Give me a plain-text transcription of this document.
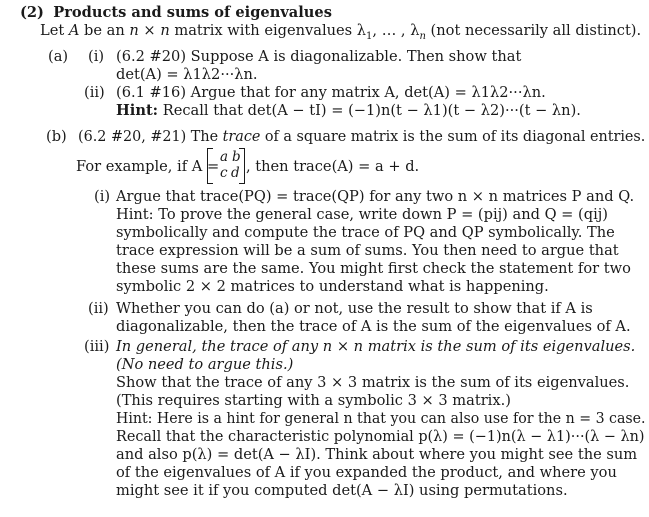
(2) Products and sums of eigenvalues
Let A be an n × n matrix with eigenvalues $\lambda_1$, … , $\lambda_n$ (not necessarily all distinct).
(a) (i) (6.2 #20) Suppose A is diagonalizable. Then show that
det(A) = λ1λ2···λn.
(ii) (6.1 #16) Argue that for any matrix A, det(A) = λ1λ2···λn.
Hint: Recall that det(A − tI) = (−1)n(t − λ1)(t − λ2)···(t − λn).
(b) (6.2 #20, #21) The trace of a square matrix is the sum of its diagonal entries.
For example, if A =
a b
c d , then trace(A) = a + d.
(i) Argue that trace(PQ) = trace(QP) for any two n × n matrices P and Q.
Hint: To prove the general case, write down P = (pij) and Q = (qij)
symbolically and compute the trace of PQ and QP symbolically. The
trace expression will be a sum of sums. You then need to argue that
these sums are the same. You might first check the statement for two
symbolic 2 × 2 matrices to understand what is happening.
(ii) Whether you can do (a) or not, use the result to show that if A is
diagonalizable, then the trace of A is the sum of the eigenvalues of A.
(iii) In general, the trace of any n × n matrix is the sum of its eigenvalues.
(No need to argue this.)
Show that the trace of any 3 × 3 matrix is the sum of its eigenvalues.
(This requires starting with a symbolic 3 × 3 matrix.)
Hint: Here is a hint for general n that you can also use for the n = 3 case.
Recall that the characteristic polynomial p(λ) = (−1)n(λ − λ1)···(λ − λn)
and also p(λ) = det(A − λI). Think about where you might see the sum
of the eigenvalues of A if you expanded the product, and where you
might see it if you computed det(A − λI) using permutations.
